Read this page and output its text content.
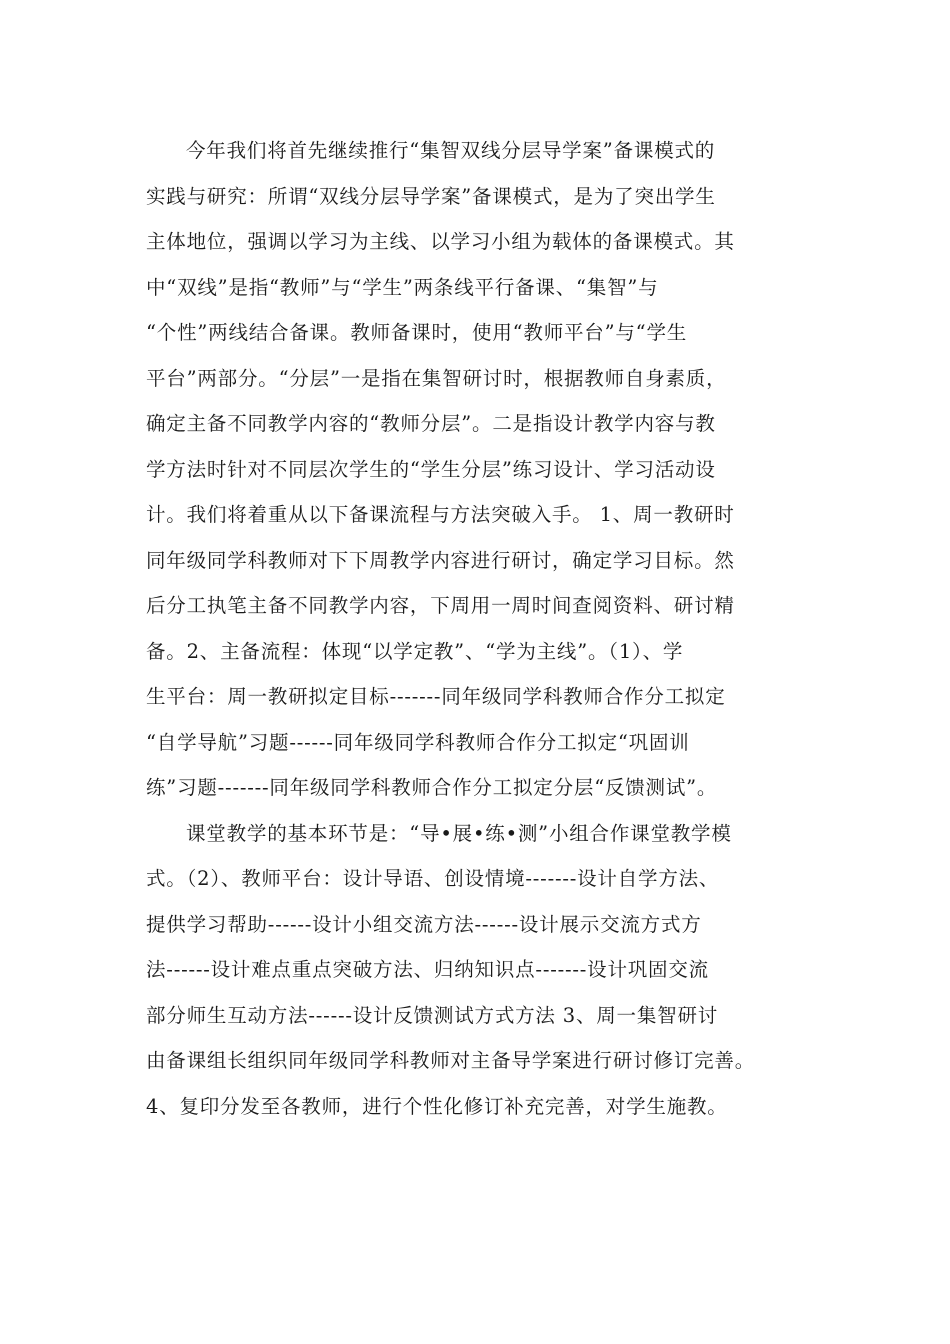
今年我们将首先继续推行“集智双线分层导学案”备课模式的
实践与研究：所谓“双线分层导学案”备课模式，是为了突出学生
主体地位，强调以学习为主线、以学习小组为载体的备课模式。其
中“双线”是指“教师”与“学生”两条线平行备课、“集智”与
“个性”两线结合备课。教师备课时，使用“教师平台”与“学生
平台”两部分。“分层”一是指在集智研讨时，根据教师自身素质，
确定主备不同教学内容的“教师分层”。二是指设计教学内容与教
学方法时针对不同层次学生的“学生分层”练习设计、学习活动设
计。我们将着重从以下备课流程与方法突破入手。 1、周一教研时
同年级同学科教师对下下周教学内容进行研讨，确定学习目标。然
后分工执笔主备不同教学内容，下周用一周时间查阅资料、研讨精
备。2、主备流程：体现“以学定教”、“学为主线”。（1）、学
生平台：周一教研拟定目标-------同年级同学科教师合作分工拟定
“自学导航”习题------同年级同学科教师合作分工拟定“巩固训
练”习题-------同年级同学科教师合作分工拟定分层“反馈测试”。
课堂教学的基本环节是：“导•展•练•测”小组合作课堂教学模
式。（2）、教师平台：设计导语、创设情境-------设计自学方法、
提供学习帮助------设计小组交流方法------设计展示交流方式方
法------设计难点重点突破方法、归纳知识点-------设计巩固交流
部分师生互动方法------设计反馈测试方式方法 3、周一集智研讨
由备课组长组织同年级同学科教师对主备导学案进行研讨修订完善。
4、复印分发至各教师，进行个性化修订补充完善，对学生施教。
